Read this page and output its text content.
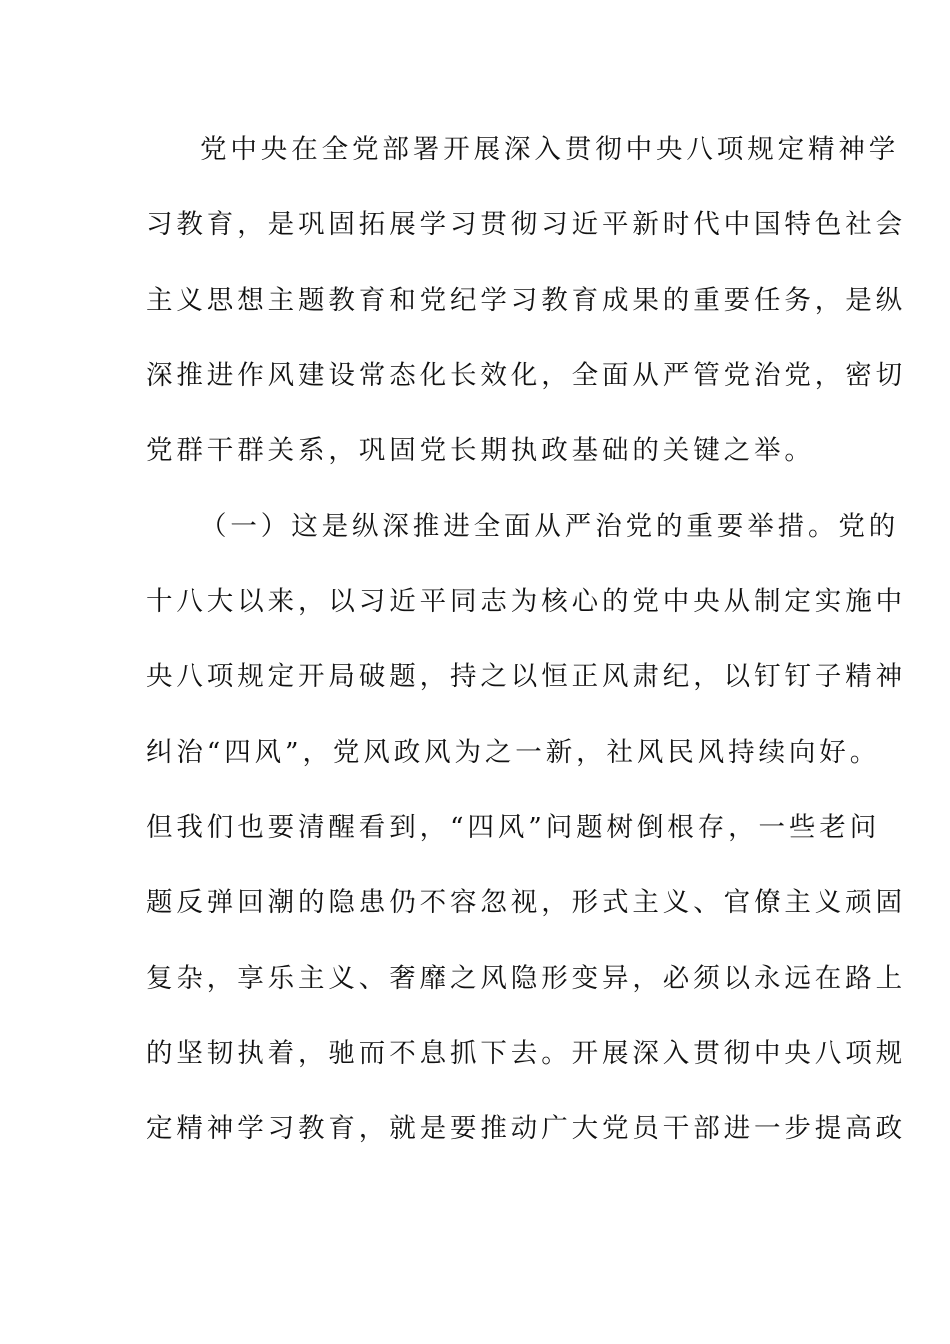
党中央在全党部署开展深入贯彻中央八项规定精神学
习教育，是巩固拓展学习贯彻习近平新时代中国特色社会
主义思想主题教育和党纪学习教育成果的重要任务，是纵
深推进作风建设常态化长效化，全面从严管党治党，密切
党群干群关系，巩固党长期执政基础的关键之举。
（一）这是纵深推进全面从严治党的重要举措。党的
十八大以来，以习近平同志为核心的党中央从制定实施中
央八项规定开局破题，持之以恒正风肃纪，以钉钉子精神
纠治“四风”，党风政风为之一新，社风民风持续向好。
但我们也要清醒看到，“四风”问题树倒根存，一些老问
题反弹回潮的隐患仍不容忽视，形式主义、官僚主义顽固
复杂，享乐主义、奢靡之风隐形变异，必须以永远在路上
的坚韧执着，驰而不息抓下去。开展深入贯彻中央八项规
定精神学习教育，就是要推动广大党员干部进一步提高政
